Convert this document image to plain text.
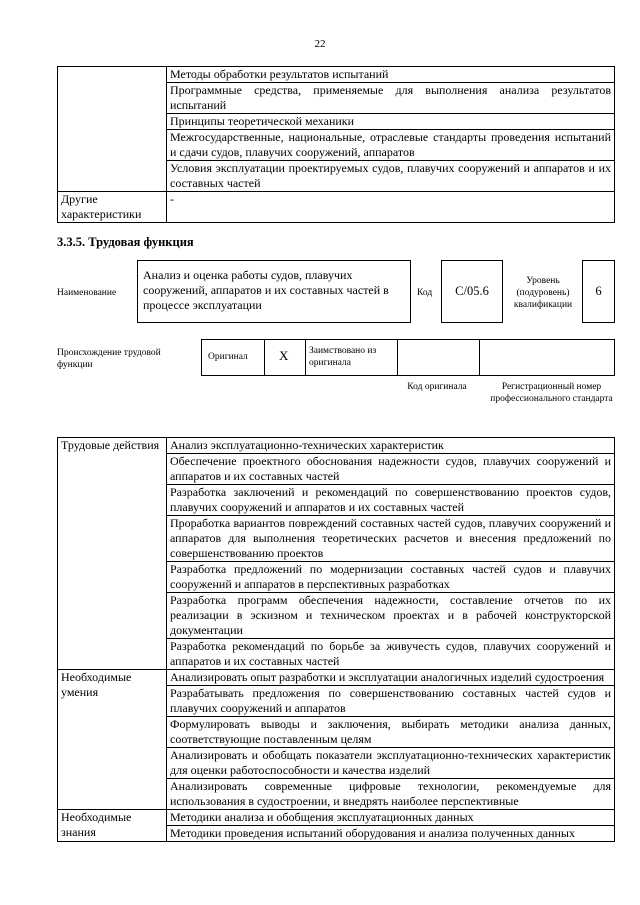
22
	Методы обработки результатов испытаний
	Программные средства, применяемые для выполнения анализа результатов испытаний
	Принципы теоретической механики
	Межгосударственные, национальные, отраслевые стандарты проведения испытаний и сдачи судов, плавучих сооружений, аппаратов
	Условия эксплуатации проектируемых судов, плавучих сооружений и аппаратов и их составных частей
Другие характеристики	-
3.3.5. Трудовая функция
Наименование
Анализ и оценка работы судов, плавучих сооружений, аппаратов и их составных частей в процессе эксплуатации
Код	C/05.6
Уровень (подуровень) квалификации
6
Происхождение трудовой функции
Оригинал X Заимствовано из оригинала
Код оригинала	Регистрационный номер профессионального стандарта
Трудовые действия	Анализ эксплуатационно-технических характеристик
	Обеспечение проектного обоснования надежности судов, плавучих сооружений и аппаратов и их составных частей
	Разработка заключений и рекомендаций по совершенствованию проектов судов, плавучих сооружений и аппаратов и их составных частей
	Проработка вариантов повреждений составных частей судов, плавучих сооружений и аппаратов для выполнения теоретических расчетов и внесения предложений по совершенствованию проектов
	Разработка предложений по модернизации составных частей судов и плавучих сооружений и аппаратов в перспективных разработках
	Разработка программ обеспечения надежности, составление отчетов по их реализации в эскизном и техническом проектах и в рабочей конструкторской документации
	Разработка рекомендаций по борьбе за живучесть судов, плавучих сооружений и аппаратов и их составных частей
Необходимые умения	Анализировать опыт разработки и эксплуатации аналогичных изделий судостроения
	Разрабатывать предложения по совершенствованию составных частей судов и плавучих сооружений и аппаратов
	Формулировать выводы и заключения, выбирать методики анализа данных, соответствующие поставленным целям
	Анализировать и обобщать показатели эксплуатационно-технических характеристик для оценки работоспособности и качества изделий
	Анализировать современные цифровые технологии, рекомендуемые для использования в судостроении, и внедрять наиболее перспективные
Необходимые знания	Методики анализа и обобщения эксплуатационных данных
	Методики проведения испытаний оборудования и анализа полученных данных
